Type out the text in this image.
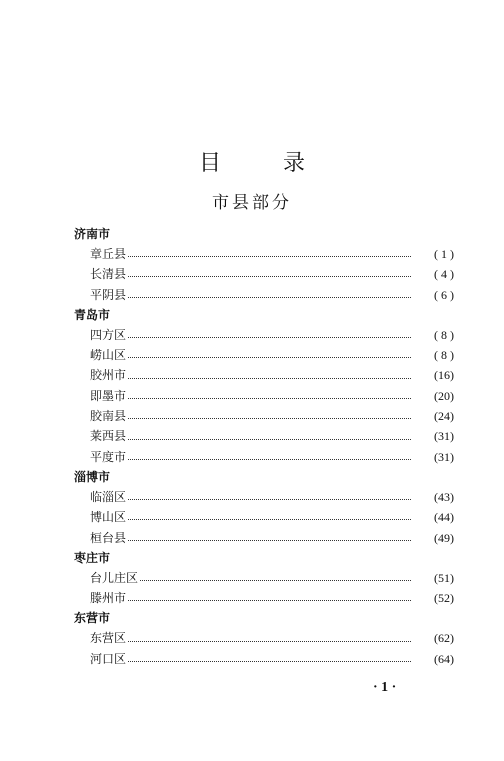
目	录
市县部分
济南市
章丘县	( 1 )
长清县	( 4 )
平阴县	( 6 )
青岛市
四方区	( 8 )
崂山区	( 8 )
胶州市	(16)
即墨市	(20)
胶南县	(24)
莱西县	(31)
平度市	(31)
淄博市
临淄区	(43)
博山区	(44)
桓台县	(49)
枣庄市
台儿庄区	(51)
滕州市	(52)
东营市
东营区	(62)
河口区	(64)
· 1 ·
